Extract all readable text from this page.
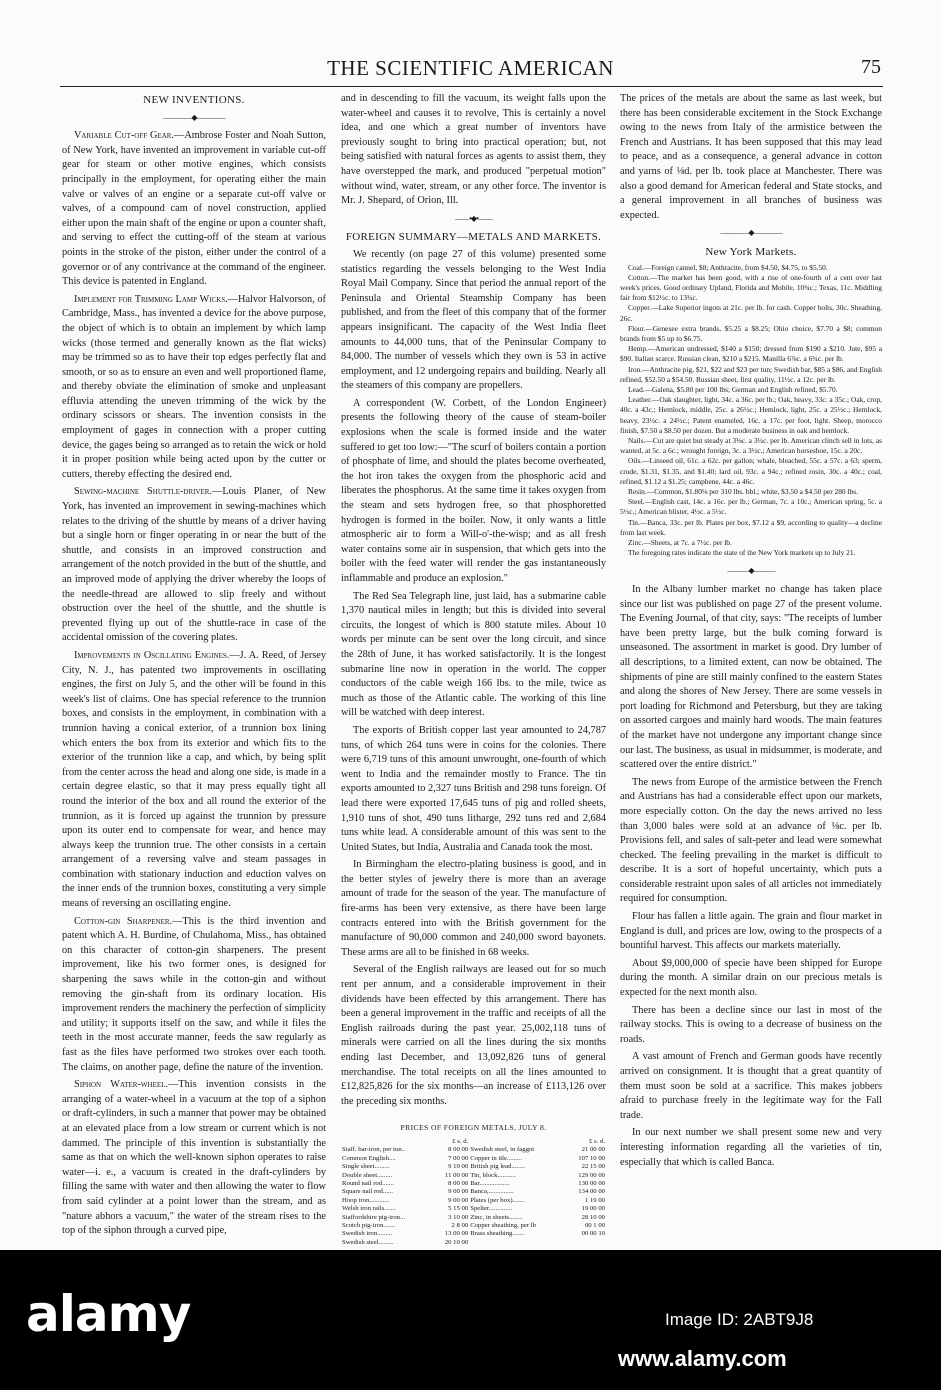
THE SCIENTIFIC AMERICAN	75
NEW INVENTIONS.
————◆————

Variable Cut-off Gear.—Ambrose Foster and Noah Sutton, of New York, have invented an improvement in variable cut-off gear for steam or other motive engines, which consists principally in the employment, for operating either the main valve or valves of an engine or a separate cut-off valve or valves, of a compound cam of novel construction, applied either upon the main shaft of the engine or upon a counter shaft, and serving to effect the cutting-off of the steam at various points in the stroke of the piston, either under the control of a governor or of any contrivance at the command of the engineer. This device is patented in England.

Implement for Trimming Lamp Wicks.—Halvor Halvorson, of Cambridge, Mass., has invented a device for the above purpose, the object of which is to obtain an implement by which lamp wicks (those termed and generally known as the flat wicks) may be trimmed so as to have their top edges perfectly flat and smooth, or so as to ensure an even and well proportioned flame, and thereby obviate the elimination of smoke and unpleasant effluvia attending the uneven trimming of the wick by the ordinary scissors or shears. The invention consists in the employment of gages in connection with a proper cutting device, the gages being so arranged as to retain the wick or hold it in proper position while being acted upon by the cutter or cutters, thereby effecting the desired end.

Sewing-machine Shuttle-driver.—Louis Planer, of New York, has invented an improvement in sewing-machines which relates to the driving of the shuttle by means of a driver having but a single horn or finger operating in or near the butt of the shuttle, and consists in an improved construction and arrangement of the notch provided in the butt of the shuttle, and an improved mode of applying the driver whereby the loops of the needle-thread are allowed to slip freely and without obstruction over the heel of the shuttle, and the shuttle is prevented flying up out of the shuttle-race in case of the accidental omission of the covering plates.

Improvements in Oscillating Engines.—J. A. Reed, of Jersey City, N. J., has patented two improvements in oscillating engines, the first on July 5, and the other will be found in this week's list of claims. One has special reference to the trunnion boxes, and consists in the employment, in combination with a trunnion having a conical exterior, of a trunnion box lining which enters the box from its exterior and which fits to the exterior of the trunnion like a cap, and which, by being split from the center across the head and along one side, is made in a certain degree elastic, so that it may press equally tight all round the interior of the box and all round the exterior of the trunnion, as it is forced up against the trunnion by pressure upon its outer end to compensate for wear, and hence may always keep the trunnion true. The other consists in a certain arrangement of a reversing valve and steam passages in combination with stationary induction and eduction valves on the inner ends of the trunnion boxes, constituting a very simple means of reversing an oscillating engine.

Cotton-gin Sharpener.—This is the third invention and patent which A. H. Burdine, of Chulahoma, Miss., has obtained on this character of cotton-gin sharpeners. The present improvement, like his two former ones, is designed for sharpening the saws while in the cotton-gin and without removing the gin-shaft from its ordinary location. His improvement renders the machinery the perfection of simplicity and utility; it supports itself on the saw, and while it files the teeth in the most accurate manner, feeds the saw regularly as fast as the files have performed two strokes over each tooth. The claims, on another page, define the nature of the invention.

Siphon Water-wheel.—This invention consists in the arranging of a water-wheel in a vacuum at the top of a siphon or draft-cylinders, in such a manner that power may be obtained at an elevated place from a low stream or current which is not dammed. The principle of this invention is substantially the same as that on which the well-known siphon operates to raise water—i. e., a vacuum is created in the draft-cylinders by filling the same with water and then allowing the water to flow from said cylinder at a point lower than the stream, and as "nature abhors a vacuum," the water of the stream rises to the top of the siphon through a curved pipe,

and in descending to fill the vacuum, its weight falls upon the water-wheel and causes it to revolve, This is certainly a novel idea, and one which a great number of inventors have previously sought to bring into practical operation; but, not being satisfied with natural forces as agents to assist them, they have overstepped the mark, and produced "perpetual motion" without wind, water, stream, or any other force. The inventor is Mr. J. Shepard, of Orion, Ill.

——•◆•——
FOREIGN SUMMARY—METALS AND MARKETS.

We recently (on page 27 of this volume) presented some statistics regarding the vessels belonging to the West India Royal Mail Company. Since that period the annual report of the Peninsula and Oriental Steamship Company has been published, and from the fleet of this company that of the former appears insignificant. The capacity of the West India fleet amounts to 44,000 tuns, that of the Peninsular Company to 84,000. The number of vessels which they own is 53 in active employment, and 12 undergoing repairs and building. Nearly all the steamers of this company are propellers.

A correspondent (W. Corbett, of the London Engineer) presents the following theory of the cause of steam-boiler explosions when the scale is formed inside and the water suffered to get too low:—"The scurf of boilers contain a portion of phosphate of lime, and should the plates become overheated, the hot iron takes the oxygen from the phosphoric acid and liberates the phosphorus. At the same time it takes oxygen from the steam and sets hydrogen free, so that phosphoretted hydrogen is formed in the boiler. Now, it only wants a little atmospheric air to form a Will-o'-the-wisp; and as all fresh water contains some air in suspension, that which gets into the boiler with the feed water will render the gas instantaneously inflammable and produce an explosion."

The Red Sea Telegraph line, just laid, has a submarine cable 1,370 nautical miles in length; but this is divided into several circuits, the longest of which is 800 statute miles. About 10 words per minute can be sent over the long circuit, and since the 28th of June, it has worked satisfactorily. It is the longest submarine line now in operation in the world. The copper conductors of the cable weigh 166 lbs. to the mile, twice as much as those of the Atlantic cable. The working of this line will be watched with deep interest.

The exports of British copper last year amounted to 24,787 tuns, of which 264 tuns were in coins for the colonies. There were 6,719 tuns of this amount unwrought, one-fourth of which went to India and the remainder mostly to France. The tin exports amounted to 2,327 tuns British and 298 tuns foreign. Of lead there were exported 17,645 tuns of pig and rolled sheets, 1,910 tuns of shot, 490 tuns litharge, 292 tuns red and 2,684 tuns white lead. A considerable amount of this was sent to the United States, but India, Australia and Canada took the most.

In Birmingham the electro-plating business is good, and in the better styles of jewelry there is more than an average amount of trade for the season of the year. The manufacture of fire-arms has been very extensive, as there have been large contracts entered into with the British government for the manufacture of 90,000 common and 240,000 sword bayonets. These arms are all to be finished in 68 weeks.

Several of the English railways are leased out for so much rent per annum, and a considerable improvement in their dividends have been effected by this arrangement. There has been a general improvement in the traffic and receipts of all the English railroads during the past year. 25,002,118 tuns of minerals were carried on all the lines during the six months ending last December, and 13,092,826 tuns of general merchandise. The total receipts on all the lines amounted to £12,825,826 for the six months—an increase of £113,126 over the preceding six months.

PRICES OF FOREIGN METALS, JULY 8.
	£ s. d.		£ s. d.
Staff. bar-iron, per tun..	8 00 00	Swedish steel, in faggot	21 00 00
Common English....	7 00 00	Copper in tile.........	107 10 00
Single sheet.........	9 10 00	British pig lead........	22 15 00
Double sheet.........	11 00 00	Tin, block...........	129 00 00
Round nail rod.......	8 00 00	Bar..................	130 00 00
Square nail rod......	9 00 00	Banca,...............	134 00 00
Hoop iron............	9 00 00	Plates (per box).......	1 19 00
Welsh iron rails.......	5 15 00	Spelter..............	19 00 00
Staffordshire pig-iron...	3 10 00	Zinc, in sheets........	28 10 00
Scotch pig-iron.......	2 8 00	Copper sheathing, per lb	00 1 00
Swedish iron.........	13 00 00	Brass sheathing.......	00 00 10
Swedish steel.........	20 10 00		

The prices of the metals are about the same as last week, but there has been considerable excitement in the Stock Exchange owing to the news from Italy of the armistice between the French and Austrians. It has been supposed that this may lead to peace, and as a consequence, a general advance in cotton and yarns of ⅛d. per lb. took place at Manchester. There was also a good demand for American federal and State stocks, and a general improvement in all branches of business was expected.

————◆————
New York Markets.

Coal.—Foreign cannel, $8; Anthracite, from $4.50, $4.75, to $5.50.

Cotton.—The market has been good, with a rise of one-fourth of a cent over last week's prices. Good ordinary Upland, Florida and Mobile, 10¾c.; Texas, 11c. Middling fair from $12½c. to 13¾c.

Copper.—Lake Superior ingots at 21c. per lb. for cash. Copper bolts, 30c. Sheathing, 26c.

Flour.—Genesee extra brands, $5.25 a $8.25; Ohio choice, $7.70 a $8; common brands from $5 up to $6.75.

Hemp.—American undressed, $140 a $150; dressed from $190 a $210. Jute, $95 a $90. Italian scarce. Russian clean, $210 a $215. Manilla 6⅞c. a 6¾c. per lb.

Iron.—Anthracite pig, $21, $22 and $23 per tun; Swedish bar, $85 a $86, and English refined, $52.50 a $54.50. Russian sheet, first quality, 11½c. a 12c. per lb.

Lead.—Galena, $5.80 per 100 lbs; German and English refined, $5.70.

Leather.—Oak slaughter, light, 34c. a 36c. per lb.; Oak, heavy, 33c. a 35c.; Oak, crop, 40c. a 43c.; Hemlock, middle, 25c. a 26½c.; Hemlock, light, 25c. a 25½c.; Hemlock, heavy, 23½c. a 24½c.; Patent enameled, 16c. a 17c. per foot, light. Sheep, morocco finish, $7.50 a $8.50 per dozen. But a moderate business in oak and hemlock.

Nails.—Cut are quiet but steady at 3⅛c. a 3¼c. per lb. American clinch sell in lots, as wanted, at 5c. a 6c.; wrought foreign, 3c. a 3½c.; American horseshoe, 15c. a 20c.

Oils.—Linseed oil, 61c. a 62c. per gallon; whale, bleached, 55c. a 57c. a 63; sperm, crude, $1.31, $1.35, and $1.40; lard oil, 93c. a 94c.; refined rosin, 30c. a 40c.; coal, refined, $1.12 a $1.25; camphene, 44c. a 46c.

Resin.—Common, $1.80⅛ per 310 lbs. bbl.; white, $3.50 a $4.50 per 280 lbs.

Steel.—English cast, 14c. a 16c. per lb.; German, 7c. a 10c.; American spring, 5c. a 5½c.; American blister, 4½c. a 5½c.

Tin.—Banca, 33c. per lb. Plates per box, $7.12 a $9, according to quality—a decline from last week.

Zinc.—Sheets, at 7c. a 7½c. per lb.

The foregoing rates indicate the state of the New York markets up to July 21.

———◆———

In the Albany lumber market no change has taken place since our list was published on page 27 of the present volume. The Evening Journal, of that city, says: "The receipts of lumber have been pretty large, but the bulk coming forward is unseasoned. The assortment in market is good. Dry lumber of all descriptions, to a limited extent, can now be obtained. The shipments of pine are still mainly confined to the eastern States and along the shores of New Jersey. There are some vessels in port loading for Richmond and Petersburg, but they are taking on assorted cargoes and mainly hard woods. The main features of the market have not undergone any important change since our last. The business, as usual in midsummer, is moderate, and scattered over the entire district."

The news from Europe of the armistice between the French and Austrians has had a considerable effect upon our markets, more especially cotton. On the day the news arrived no less than 3,000 bales were sold at an advance of ⅛c. per lb. Provisions fell, and sales of salt-peter and lead were somewhat checked. The feeling prevailing in the market is difficult to describe. It is a sort of hopeful uncertainty, which puts a considerable restraint upon sales of all articles not immediately required for consumption.

Flour has fallen a little again. The grain and flour market in England is dull, and prices are low, owing to the prospects of a bountiful harvest. This affects our markets materially.

About $9,000,000 of specie have been shipped for Europe during the month. A similar drain on our precious metals is expected for the next month also.

There has been a decline since our last in most of the railway stocks. This is owing to a decrease of business on the roads.

A vast amount of French and German goods have recently arrived on consignment. It is thought that a great quantity of them must soon be sold at a sacrifice. This makes jobbers afraid to purchase freely in the legitimate way for the Fall trade.

In our next number we shall present some new and very interesting information regarding all the varieties of tin, especially that which is called Banca.

alamy	Image ID: 2ABT9J8
www.alamy.com
